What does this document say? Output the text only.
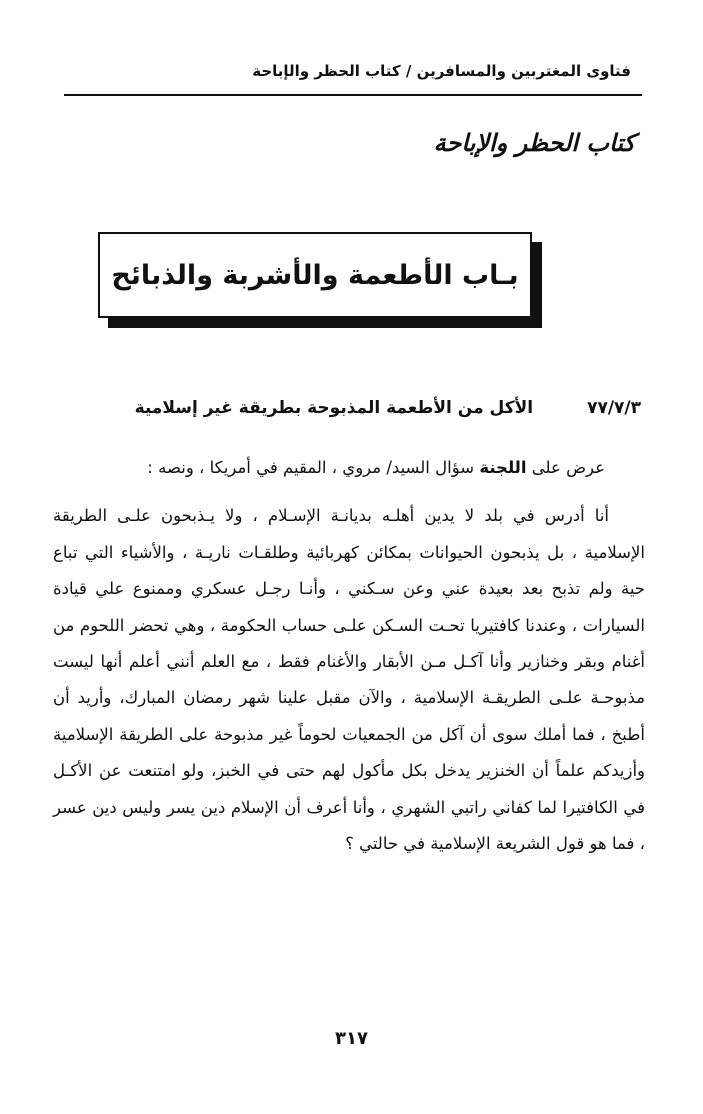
فتاوى المغتربين والمسافرين / كتاب الحظر والإباحة
كتاب الحظر والإباحة
بـاب الأطعمة والأشربة والذبائح
٧٧/٧/٣ الأكل من الأطعمة المذبوحة بطريقة غير إسلامية

عرض على اللجنة سؤال السيد/ مروي ، المقيم في أمريكا ، ونصه :

أنا أدرس في بلد لا يدين أهلـه بديانـة الإسـلام ، ولا يـذبحون علـى الطريقة الإسلامية ، بل يذبحون الحيوانات بمكائن كهربائية وطلقـات ناريـة ، والأشياء التي تباع حية ولم تذبح بعد بعيدة عني وعن سـكني ، وأنـا رجـل عسكري وممنوع علي قيادة السيارات ، وعندنا كافتيريا تحـت السـكن علـى حساب الحكومة ، وهي تحضر اللحوم من أغنام وبقر وخنازير وأنا آكـل مـن الأبقار والأغنام فقط ، مع العلم أنني أعلم أنها ليست مذبوحـة علـى الطريقـة الإسلامية ، والآن مقبل علينا شهر رمضان المبارك، وأريد أن أطبخ ، فما أملك سوى أن آكل من الجمعيات لحوماً غير مذبوحة على الطريقة الإسلامية وأزيدكم علماً أن الخنزير يدخل بكل مأكول لهم حتى في الخبز، ولو امتنعت عن الأكـل في الكافتيرا لما كفاني راتبي الشهري ، وأنا أعرف أن الإسلام دين يسر وليس دين عسر ، فما هو قول الشريعة الإسلامية في حالتي ؟

٣١٧
